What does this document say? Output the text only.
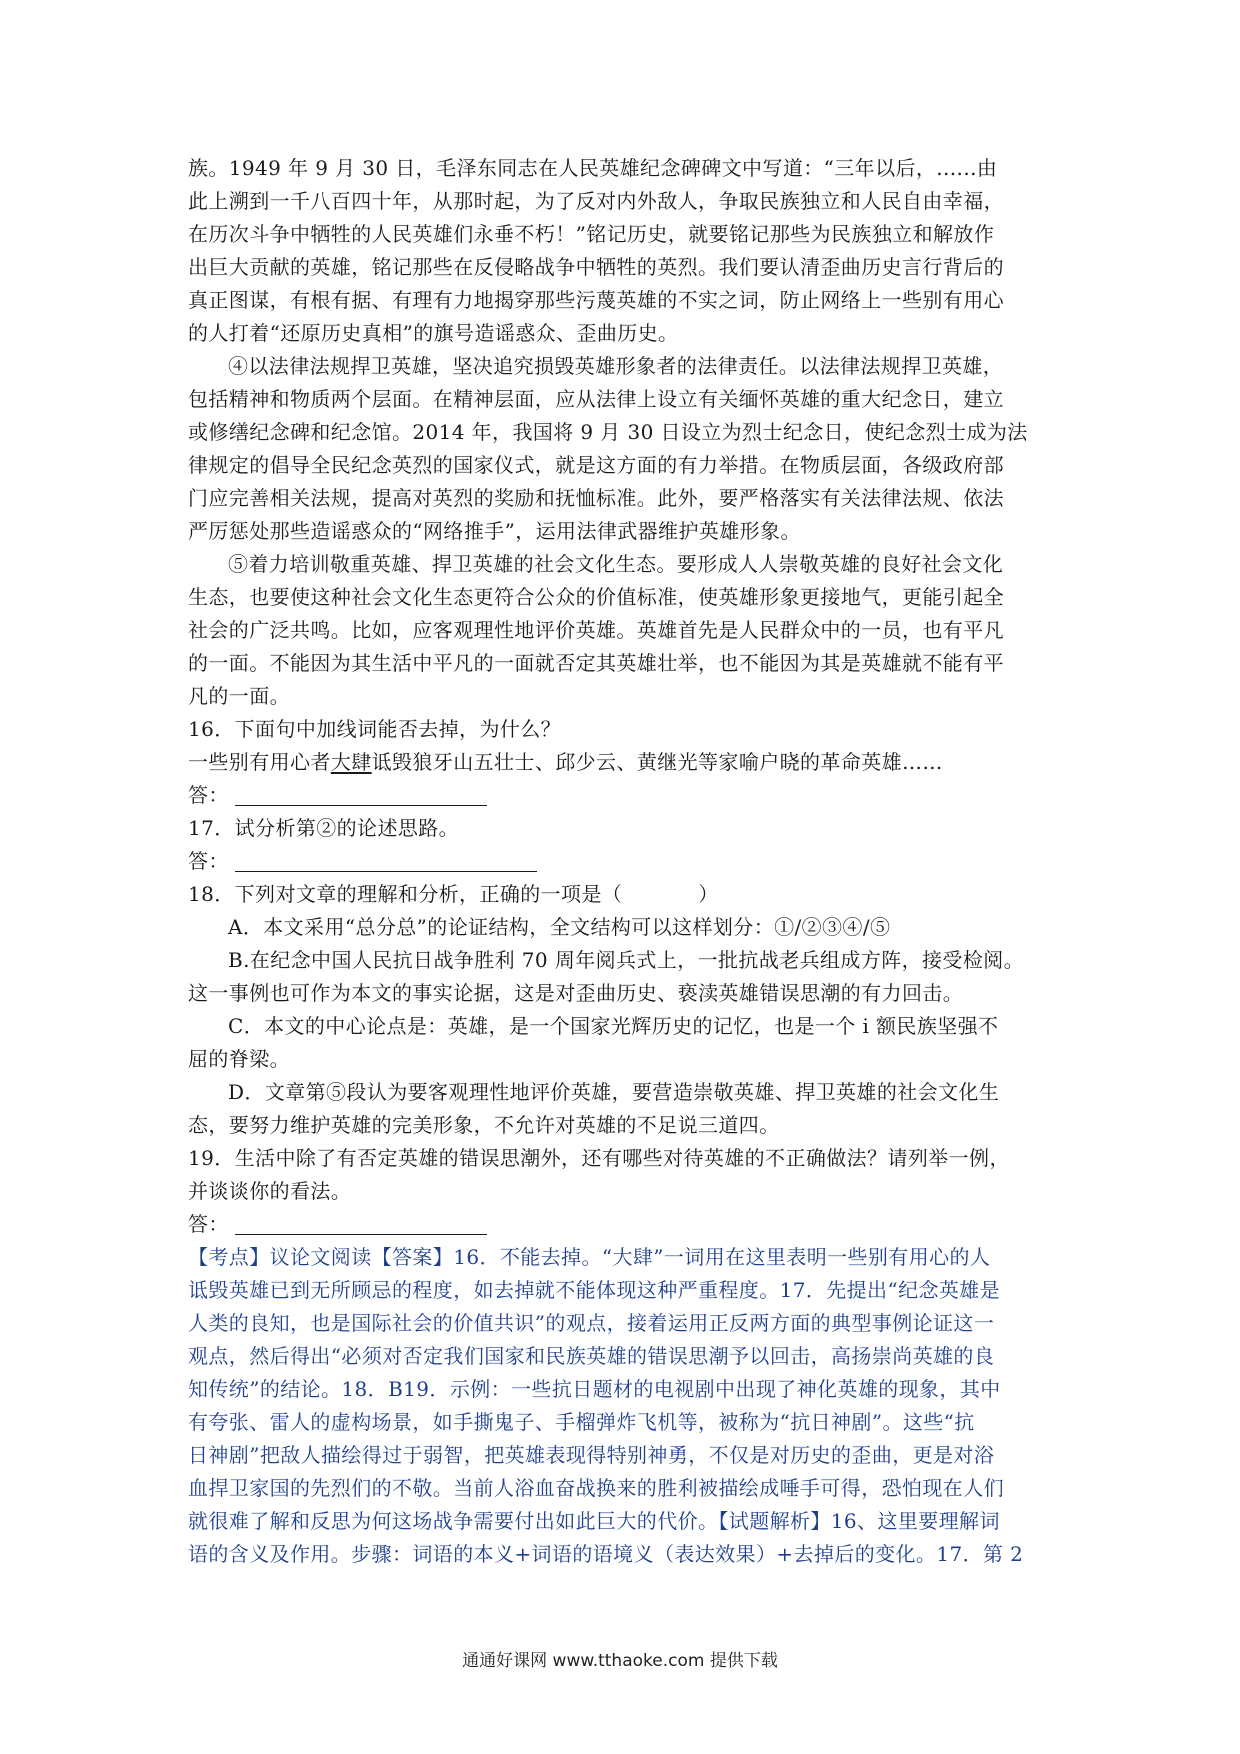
族。1949 年 9 月 30 日，毛泽东同志在人民英雄纪念碑碑文中写道：“三年以后，......由
此上溯到一千八百四十年，从那时起，为了反对内外敌人，争取民族独立和人民自由幸福，
在历次斗争中牺牲的人民英雄们永垂不朽！”铭记历史，就要铭记那些为民族独立和解放作
出巨大贡献的英雄，铭记那些在反侵略战争中牺牲的英烈。我们要认清歪曲历史言行背后的
真正图谋，有根有据、有理有力地揭穿那些污蔑英雄的不实之词，防止网络上一些别有用心
的人打着“还原历史真相”的旗号造谣惑众、歪曲历史。
④以法律法规捍卫英雄，坚决追究损毁英雄形象者的法律责任。以法律法规捍卫英雄，
包括精神和物质两个层面。在精神层面，应从法律上设立有关缅怀英雄的重大纪念日，建立
或修缮纪念碑和纪念馆。2014 年，我国将 9 月 30 日设立为烈士纪念日，使纪念烈士成为法
律规定的倡导全民纪念英烈的国家仪式，就是这方面的有力举措。在物质层面，各级政府部
门应完善相关法规，提高对英烈的奖励和抚恤标准。此外，要严格落实有关法律法规、依法
严厉惩处那些造谣惑众的“网络推手”，运用法律武器维护英雄形象。
⑤着力培训敬重英雄、捍卫英雄的社会文化生态。要形成人人崇敬英雄的良好社会文化
生态，也要使这种社会文化生态更符合公众的价值标准，使英雄形象更接地气，更能引起全
社会的广泛共鸣。比如，应客观理性地评价英雄。英雄首先是人民群众中的一员，也有平凡
的一面。不能因为其生活中平凡的一面就否定其英雄壮举，也不能因为其是英雄就不能有平
凡的一面。
16．下面句中加线词能否去掉，为什么？
一些别有用心者大肆诋毁狼牙山五壮士、邱少云、黄继光等家喻户晓的革命英雄……
答：
17．试分析第②的论述思路。
答：
18．下列对文章的理解和分析，正确的一项是（	）
A．本文采用“总分总”的论证结构，全文结构可以这样划分：①/②③④/⑤
B.在纪念中国人民抗日战争胜利 70 周年阅兵式上，一批抗战老兵组成方阵，接受检阅。
这一事例也可作为本文的事实论据，这是对歪曲历史、亵渎英雄错误思潮的有力回击。
C．本文的中心论点是：英雄，是一个国家光辉历史的记忆，也是一个 i 额民族坚强不
屈的脊梁。
D．文章第⑤段认为要客观理性地评价英雄，要营造崇敬英雄、捍卫英雄的社会文化生
态，要努力维护英雄的完美形象，不允许对英雄的不足说三道四。
19．生活中除了有否定英雄的错误思潮外，还有哪些对待英雄的不正确做法？请列举一例，
并谈谈你的看法。
答：
【考点】议论文阅读【答案】16．不能去掉。“大肆”一词用在这里表明一些别有用心的人
诋毁英雄已到无所顾忌的程度，如去掉就不能体现这种严重程度。17．先提出“纪念英雄是
人类的良知，也是国际社会的价值共识”的观点，接着运用正反两方面的典型事例论证这一
观点，然后得出“必须对否定我们国家和民族英雄的错误思潮予以回击，高扬崇尚英雄的良
知传统”的结论。18．B19．示例：一些抗日题材的电视剧中出现了神化英雄的现象，其中
有夸张、雷人的虚构场景，如手撕鬼子、手榴弹炸飞机等，被称为“抗日神剧”。这些“抗
日神剧”把敌人描绘得过于弱智，把英雄表现得特别神勇，不仅是对历史的歪曲，更是对浴
血捍卫家国的先烈们的不敬。当前人浴血奋战换来的胜利被描绘成唾手可得，恐怕现在人们
就很难了解和反思为何这场战争需要付出如此巨大的代价。【试题解析】16、这里要理解词
语的含义及作用。步骤：词语的本义+词语的语境义（表达效果）+去掉后的变化。17．第 2
通通好课网 www.tthaoke.com 提供下载
